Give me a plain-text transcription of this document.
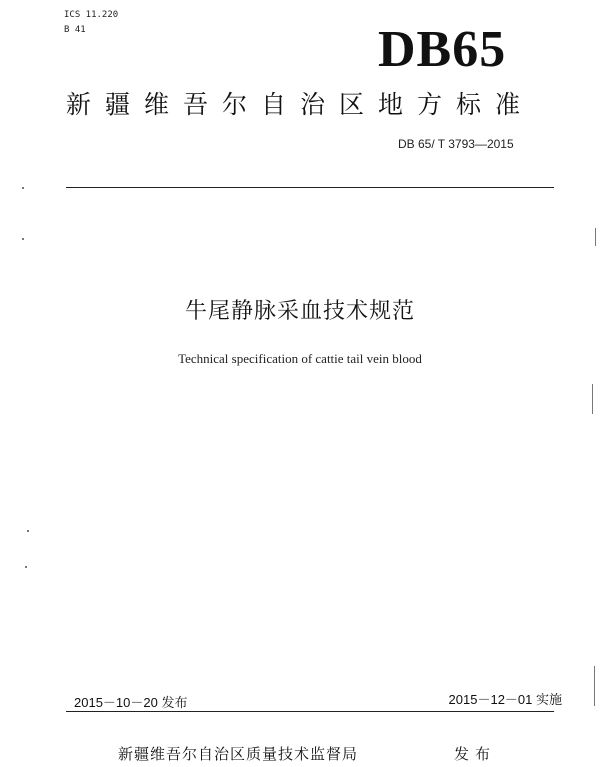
ICS 11.220
B 41	DB65
新疆维吾尔自治区地方标准
DB 65/ T 3793—2015
牛尾静脉采血技术规范
Technical specification of cattie tail vein blood
2015－10－20 发布	2015－12－01 实施
新疆维吾尔自治区质量技术监督局	发布
